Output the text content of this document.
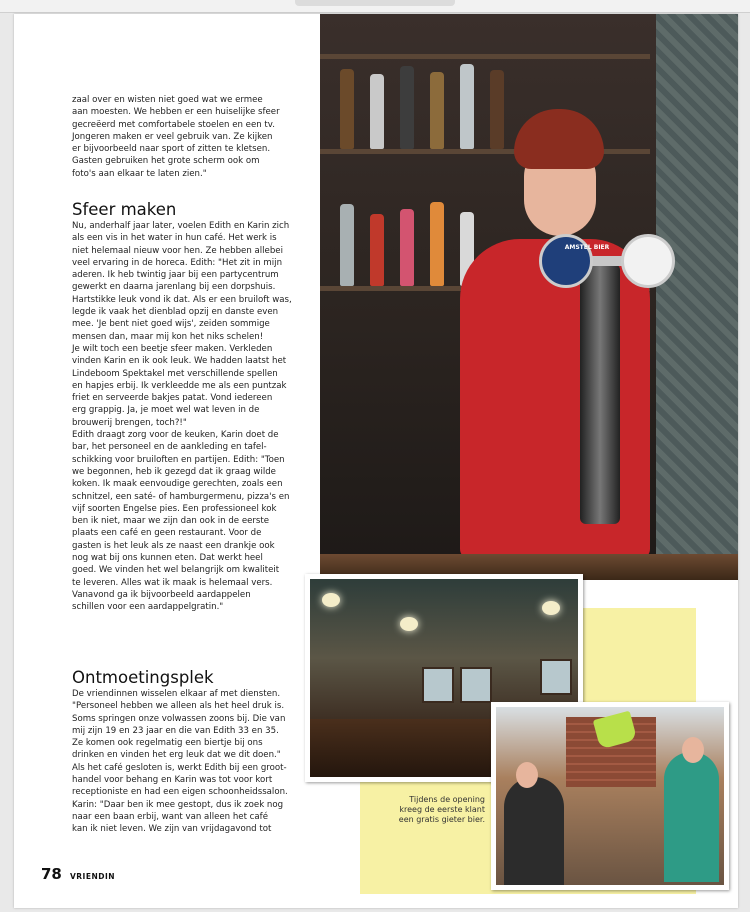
zaal over en wisten niet goed wat we ermee
aan moesten. We hebben er een huiselijke sfeer
gecreëerd met comfortabele stoelen en een tv.
Jongeren maken er veel gebruik van. Ze kijken
er bijvoorbeeld naar sport of zitten te kletsen.
Gasten gebruiken het grote scherm ook om
foto's aan elkaar te laten zien."

Sfeer maken

Nu, anderhalf jaar later, voelen Edith en Karin zich
als een vis in het water in hun café. Het werk is
niet helemaal nieuw voor hen. Ze hebben allebei
veel ervaring in de horeca. Edith: "Het zit in mijn
aderen. Ik heb twintig jaar bij een partycentrum
gewerkt en daarna jarenlang bij een dorpshuis.
Hartstikke leuk vond ik dat. Als er een bruiloft was,
legde ik vaak het dienblad opzij en danste even
mee. 'Je bent niet goed wijs', zeiden sommige
mensen dan, maar mij kon het niks schelen!
Je wilt toch een beetje sfeer maken. Verkleden
vinden Karin en ik ook leuk. We hadden laatst het
Lindeboom Spektakel met verschillende spellen
en hapjes erbij. Ik verkleedde me als een puntzak
friet en serveerde bakjes patat. Vond iedereen
erg grappig. Ja, je moet wel wat leven in de
brouwerij brengen, toch?!"
Edith draagt zorg voor de keuken, Karin doet de
bar, het personeel en de aankleding en tafel-
schikking voor bruiloften en partijen. Edith: "Toen
we begonnen, heb ik gezegd dat ik graag wilde
koken. Ik maak eenvoudige gerechten, zoals een
schnitzel, een saté- of hamburgermenu, pizza's en
vijf soorten Engelse pies. Een professioneel kok
ben ik niet, maar we zijn dan ook in de eerste
plaats een café en geen restaurant. Voor de
gasten is het leuk als ze naast een drankje ook
nog wat bij ons kunnen eten. Dat werkt heel
goed. We vinden het wel belangrijk om kwaliteit
te leveren. Alles wat ik maak is helemaal vers.
Vanavond ga ik bijvoorbeeld aardappelen
schillen voor een aardappelgratin."

Ontmoetingsplek

De vriendinnen wisselen elkaar af met diensten.
"Personeel hebben we alleen als het heel druk is.
Soms springen onze volwassen zoons bij. Die van
mij zijn 19 en 23 jaar en die van Edith 33 en 35.
Ze komen ook regelmatig een biertje bij ons
drinken en vinden het erg leuk dat we dit doen."
Als het café gesloten is, werkt Edith bij een groot-
handel voor behang en Karin was tot voor kort
receptioniste en had een eigen schoonheidssalon.
Karin: "Daar ben ik mee gestopt, dus ik zoek nog
naar een baan erbij, want van alleen het café
kan ik niet leven. We zijn van vrijdagavond tot

AMSTEL BIER
Tijdens de opening
kreeg de eerste klant
een gratis gieter bier.
78 VRIENDIN
